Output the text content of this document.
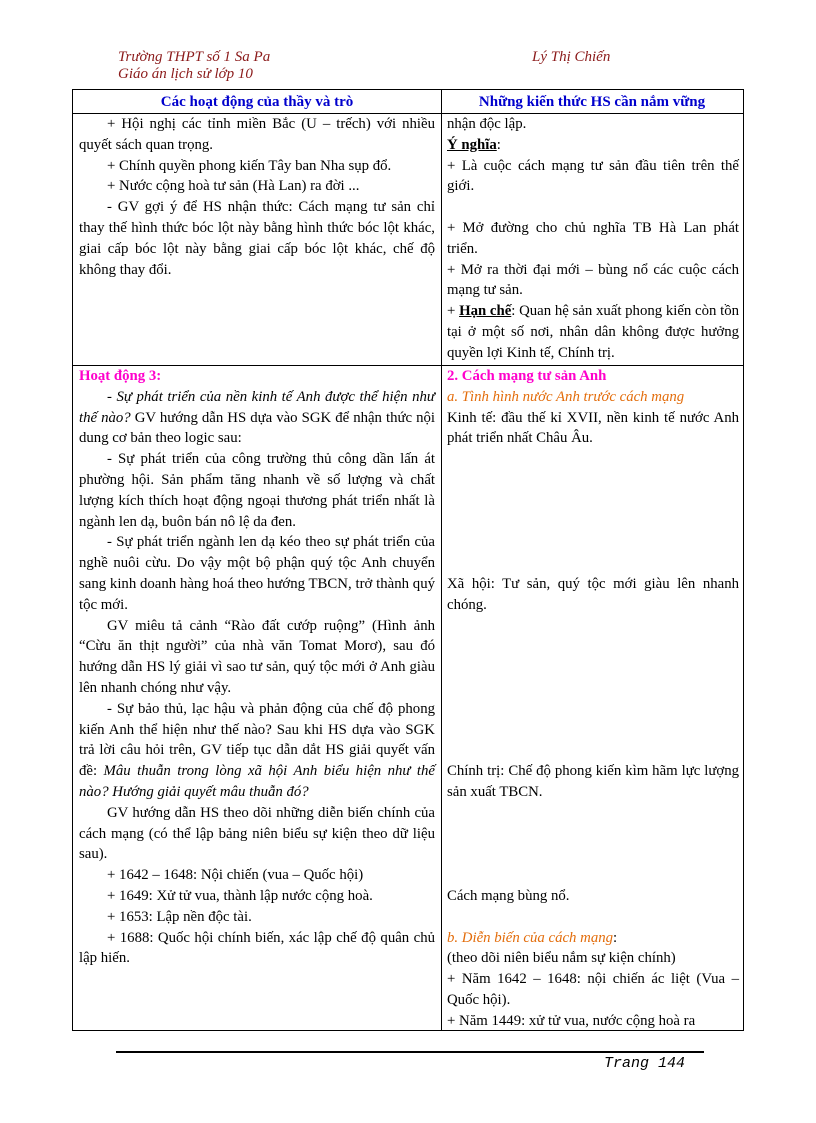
Trường THPT số 1 Sa Pa	Lý Thị Chiến
Giáo án lịch sử lớp 10
Các hoạt động của thầy và trò	Những kiến thức HS cần nắm vững

+ Hội nghị các tỉnh miền Bắc (U – trếch) với nhiều quyết sách quan trọng.

+ Chính quyền phong kiến Tây ban Nha sụp đổ.

+ Nước cộng hoà tư sản (Hà Lan) ra đời ...

- GV gợi ý để HS nhận thức: Cách mạng tư sản chỉ thay thế hình thức bóc lột này bằng hình thức bóc lột khác, giai cấp bóc lột này bằng giai cấp bóc lột khác, chế độ không thay đổi.

nhận độc lập.

Ý nghĩa:

+ Là cuộc cách mạng tư sản đầu tiên trên thế giới.

+ Mở đường cho chủ nghĩa TB Hà Lan phát triển.

+ Mở ra thời đại mới – bùng nổ các cuộc cách mạng tư sản.

+ Hạn chế: Quan hệ sản xuất phong kiến còn tồn tại ở một số nơi, nhân dân không được hưởng quyền lợi Kinh tế, Chính trị.

Hoạt động 3:

- Sự phát triển của nền kinh tế Anh được thể hiện như thế nào? GV hướng dẫn HS dựa vào SGK để nhận thức nội dung cơ bản theo logic sau:

- Sự phát triển của công trường thủ công dần lấn át phường hội. Sản phẩm tăng nhanh về số lượng và chất lượng kích thích hoạt động ngoại thương phát triển nhất là ngành len dạ, buôn bán nô lệ da đen.

- Sự phát triển ngành len dạ kéo theo sự phát triển của nghề nuôi cừu. Do vậy một bộ phận quý tộc Anh chuyển sang kinh doanh hàng hoá theo hướng TBCN, trở thành quý tộc mới.

GV miêu tả cảnh “Rào đất cướp ruộng” (Hình ảnh “Cừu ăn thịt người” của nhà văn Tomat Morơ), sau đó hướng dẫn HS lý giải vì sao tư sản, quý tộc mới ở Anh giàu lên nhanh chóng như vậy.

- Sự bảo thủ, lạc hậu và phản động của chế độ phong kiến Anh thể hiện như thế nào? Sau khi HS dựa vào SGK trả lời câu hỏi trên, GV tiếp tục dẫn dắt HS giải quyết vấn đề: Mâu thuẫn trong lòng xã hội Anh biểu hiện như thế nào? Hướng giải quyết mâu thuẫn đó?

GV hướng dẫn HS theo dõi những diễn biến chính của cách mạng (có thể lập bảng niên biểu sự kiện theo dữ liệu sau).

+ 1642 – 1648: Nội chiến (vua – Quốc hội)

+ 1649: Xử tử vua, thành lập nước cộng hoà.

+ 1653: Lập nền độc tài.

+ 1688: Quốc hội chính biến, xác lập chế độ quân chủ lập hiến.

2. Cách mạng tư sản Anh

a. Tình hình nước Anh trước cách mạng

Kinh tế: đầu thế kỉ XVII, nền kinh tế nước Anh phát triển nhất Châu Âu.

Xã hội: Tư sản, quý tộc mới giàu lên nhanh chóng.

Chính trị: Chế độ phong kiến kìm hãm lực lượng sản xuất TBCN.

Cách mạng bùng nổ.

b. Diễn biến của cách mạng:

(theo dõi niên biểu nắm sự kiện chính)

+ Năm 1642 – 1648: nội chiến ác liệt (Vua – Quốc hội).

+ Năm 1449: xử tử vua, nước cộng hoà ra

Trang 144
